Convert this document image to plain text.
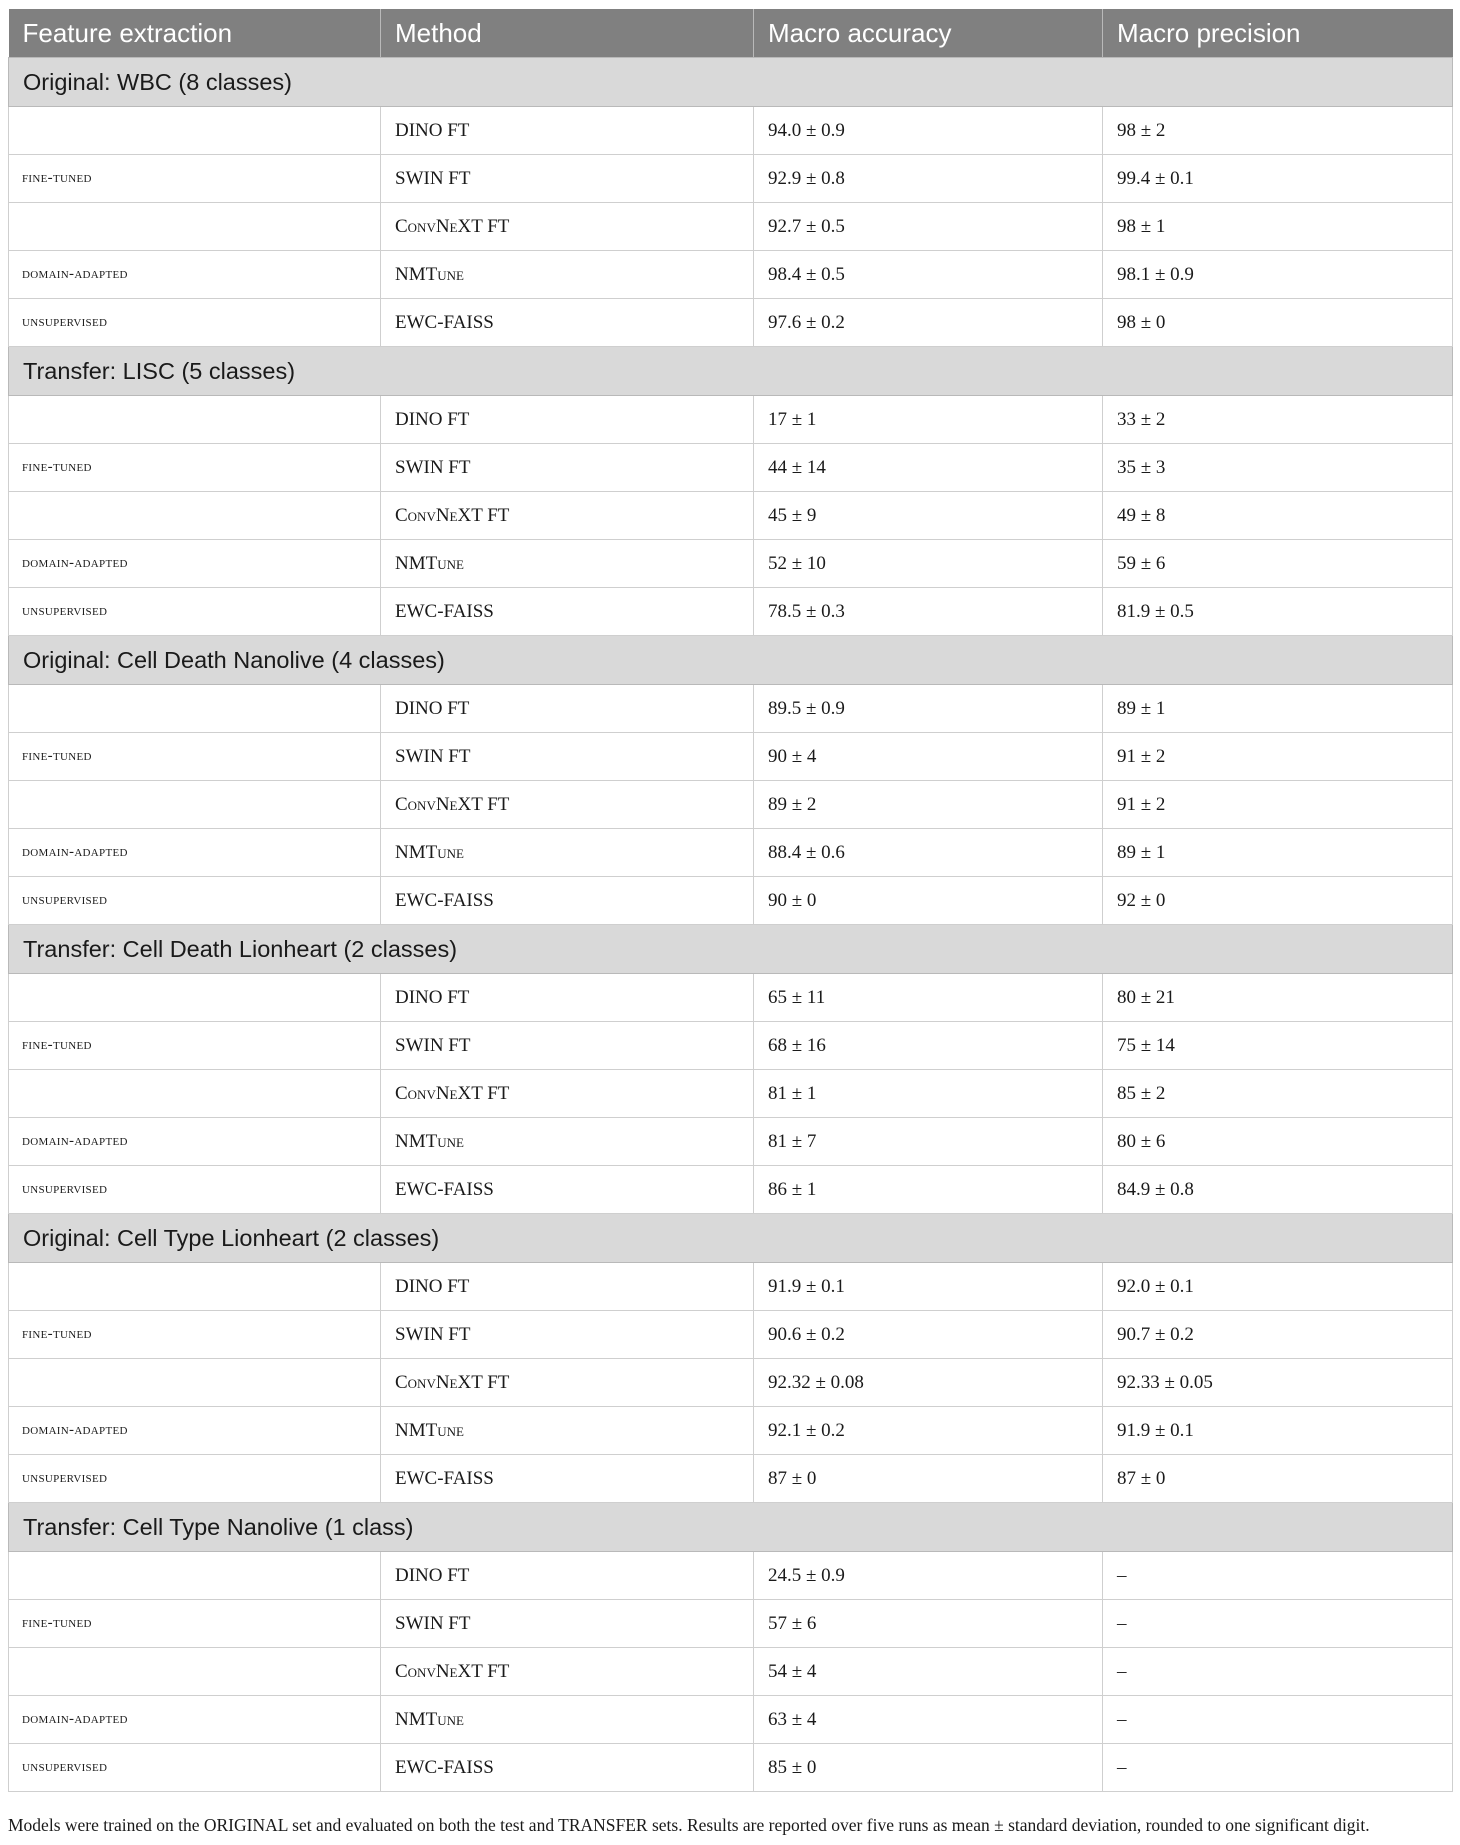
Feature extraction	Method	Macro accuracy	Macro precision
Original: WBC (8 classes)			
	DINO FT	94.0 ± 0.9	98 ± 2
fine-tuned	SWIN FT	92.9 ± 0.8	99.4 ± 0.1
	ConvNeXT FT	92.7 ± 0.5	98 ± 1
domain-adapted	NMTune	98.4 ± 0.5	98.1 ± 0.9
unsupervised	EWC-FAISS	97.6 ± 0.2	98 ± 0
Transfer: LISC (5 classes)			
	DINO FT	17 ± 1	33 ± 2
fine-tuned	SWIN FT	44 ± 14	35 ± 3
	ConvNeXT FT	45 ± 9	49 ± 8
domain-adapted	NMTune	52 ± 10	59 ± 6
unsupervised	EWC-FAISS	78.5 ± 0.3	81.9 ± 0.5
Original: Cell Death Nanolive (4 classes)			
	DINO FT	89.5 ± 0.9	89 ± 1
fine-tuned	SWIN FT	90 ± 4	91 ± 2
	ConvNeXT FT	89 ± 2	91 ± 2
domain-adapted	NMTune	88.4 ± 0.6	89 ± 1
unsupervised	EWC-FAISS	90 ± 0	92 ± 0
Transfer: Cell Death Lionheart (2 classes)			
	DINO FT	65 ± 11	80 ± 21
fine-tuned	SWIN FT	68 ± 16	75 ± 14
	ConvNeXT FT	81 ± 1	85 ± 2
domain-adapted	NMTune	81 ± 7	80 ± 6
unsupervised	EWC-FAISS	86 ± 1	84.9 ± 0.8
Original: Cell Type Lionheart (2 classes)			
	DINO FT	91.9 ± 0.1	92.0 ± 0.1
fine-tuned	SWIN FT	90.6 ± 0.2	90.7 ± 0.2
	ConvNeXT FT	92.32 ± 0.08	92.33 ± 0.05
domain-adapted	NMTune	92.1 ± 0.2	91.9 ± 0.1
unsupervised	EWC-FAISS	87 ± 0	87 ± 0
Transfer: Cell Type Nanolive (1 class)			
	DINO FT	24.5 ± 0.9	–
fine-tuned	SWIN FT	57 ± 6	–
	ConvNeXT FT	54 ± 4	–
domain-adapted	NMTune	63 ± 4	–
unsupervised	EWC-FAISS	85 ± 0	–
Models were trained on the ORIGINAL set and evaluated on both the test and TRANSFER sets. Results are reported over five runs as mean ± standard deviation, rounded to one significant digit.
